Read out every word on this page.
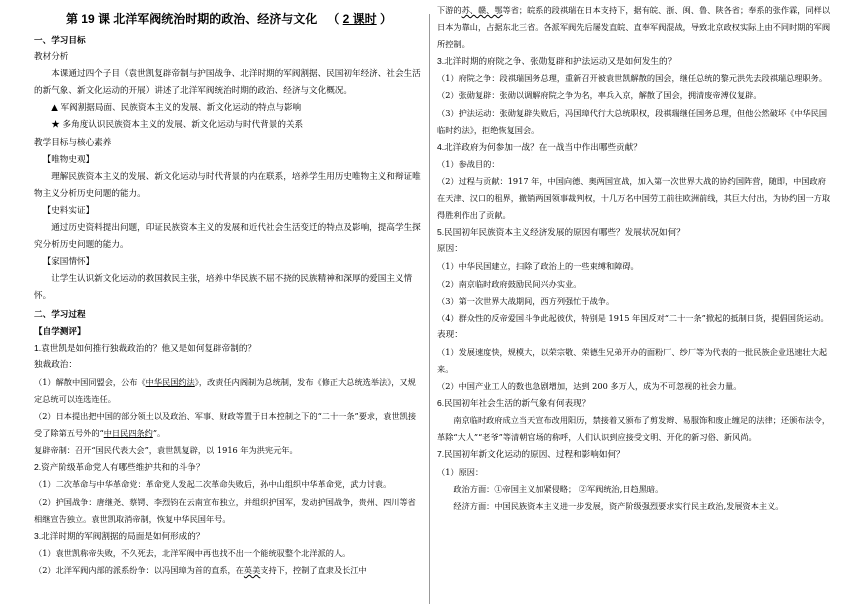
第 19 课 北洋军阀统治时期的政治、经济与文化 （ 2 课时 ）

一、学习目标

教材分析

本课通过四个子目（袁世凯复辟帝制与护国战争、北洋时期的军阀割据、民国初年经济、社会生活的新气象、新文化运动的开展）讲述了北洋军阀统治时期的政治、经济与文化概况。

▲ 军阀割据局面、民族资本主义的发展、新文化运动的特点与影响

★ 多角度认识民族资本主义的发展、新文化运动与时代背景的关系

教学目标与核心素养

【唯物史观】

理解民族资本主义的发展、新文化运动与时代背景的内在联系，培养学生用历史唯物主义和辩证唯物主义分析历史问题的能力。

【史料实证】

通过历史资料提出问题，印证民族资本主义的发展和近代社会生活变迁的特点及影响，提高学生探究分析历史问题的能力。

【家国情怀】

让学生认识新文化运动的救国救民主张，培养中华民族不屈不挠的民族精神和深厚的爱国主义情怀。

二、学习过程

【自学测评】

1.袁世凯是如何推行独裁政治的？他又是如何复辟帝制的？

独裁政治：

（1）解散中国同盟会，公布《中华民国约法》，改责任内阁制为总统制，发布《修正大总统选举法》，又规定总统可以连选连任。

（2）日本提出把中国的部分领土以及政治、军事、财政等置于日本控制之下的“二十一条”要求，袁世凯接受了除第五号外的“中日民四条约”。

复辟帝制：召开“国民代表大会”，袁世凯复辟，以 1916 年为洪宪元年。

2.资产阶级革命党人有哪些维护共和的斗争？

（1）二次革命与中华革命党：革命党人发起二次革命失败后，孙中山组织中华革命党，武力讨袁。

（2）护国战争：唐继尧、蔡锷、李烈钧在云南宣布独立，并组织护国军，发动护国战争，贵州、四川等省相继宣告独立。袁世凯取消帝制，恢复中华民国年号。

3.北洋时期的军阀割据的局面是如何形成的？

（1）袁世凯称帝失败，不久死去，北洋军阀中再也找不出一个能统驭整个北洋派的人。

（2）北洋军阀内部的派系纷争：以冯国璋为首的直系，在英美支持下，控制了直隶及长江中

下游的苏、赣、鄂等省；皖系的段祺瑞在日本支持下，据有皖、浙、闽、鲁、陕各省；奉系的张作霖，同样以日本为靠山，占据东北三省。各派军阀先后屡发直皖、直奉军阀混战，导致北京政权实际上由不同时期的军阀所控制。

3.北洋时期的府院之争、张勋复辟和护法运动又是如何发生的？

（1）府院之争：段祺瑞国务总理，重新召开被袁世凯解散的国会，继任总统的黎元洪先去段祺瑞总理职务。

（2）张勋复辟：张勋以调解府院之争为名，率兵入京，解散了国会，拥清废帝溥仪复辟。

（3）护法运动：张勋复辟失败后，冯国璋代行大总统职权，段祺瑞继任国务总理，但他公然破坏《中华民国临时约法》，拒绝恢复国会。

4.北洋政府为何参加一战？在一战当中作出哪些贡献？

（1）参战目的：

（2）过程与贡献：1917 年，中国向德、奥两国宣战，加入第一次世界大战的协约国阵营，随即，中国政府在天津、汉口的租界，撤销两国领事裁判权，十几万名中国劳工前往欧洲前线，其巨大付出，为协约国一方取得胜利作出了贡献。

5.民国初年民族资本主义经济发展的原因有哪些？发展状况如何？

原因：

（1）中华民国建立，扫除了政治上的一些束缚和障碍。

（2）南京临时政府鼓励民间兴办实业。

（3）第一次世界大战期间，西方列强忙于战争。

（4）群众性的反帝爱国斗争此起彼伏，特别是 1915 年国反对“二十一条”掀起的抵制日货，提倡国货运动。

表现：

（1）发展速度快，规模大，以荣宗敬、荣德生兄弟开办的面粉厂、纱厂等为代表的一批民族企业迅速壮大起来。

（2）中国产业工人的数也急剧增加，达到 200 多万人，成为不可忽视的社会力量。

6.民国初年社会生活的新气象有何表现？

南京临时政府成立当天宣布改用阳历，禁接着又颁布了剪发辫、易服饰和废止缠足的法律；还颁布法令， 革除“大人”“老爷”等清朝官场的称呼，人们认识到应接受文明、开化的新习俗、新风尚。

7.民国初年新文化运动的原因、过程和影响如何？

（1）原因：

政治方面：①帝国主义加紧侵略； ②军阀统治,日趋黑暗。

经济方面：中国民族资本主义进一步发展，资产阶级强烈要求实行民主政治,发展资本主义。
